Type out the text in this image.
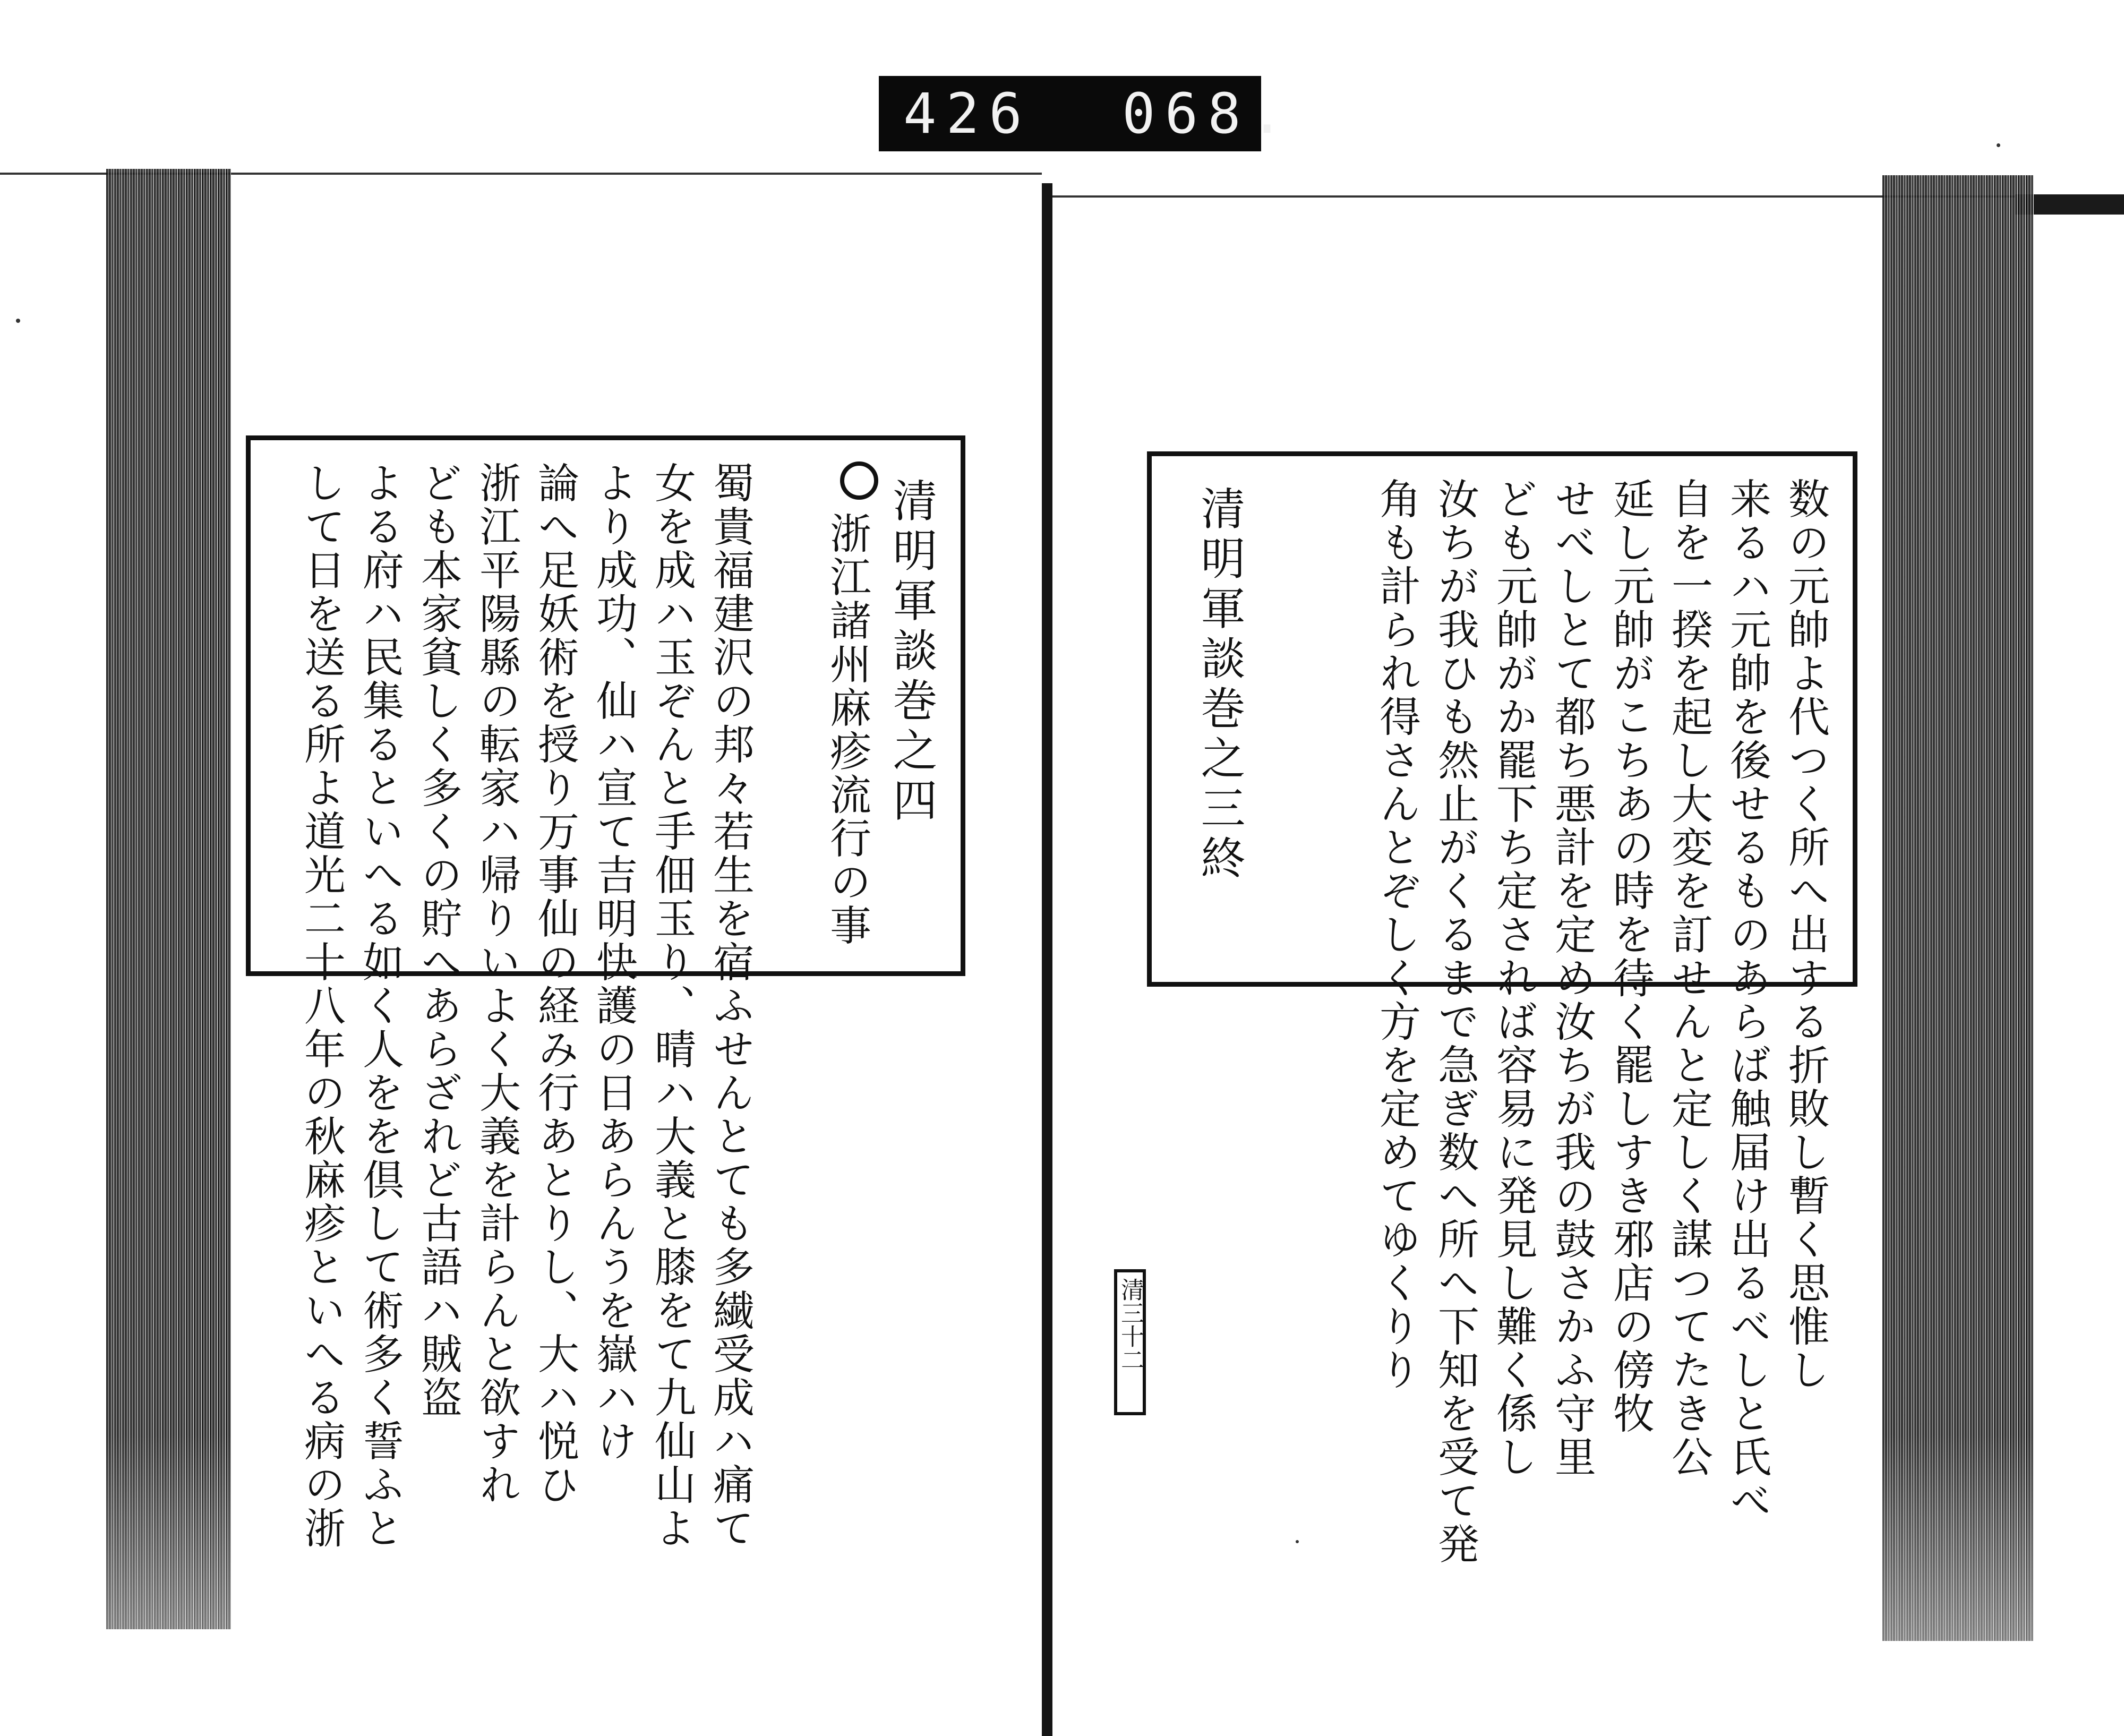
426 068.
清明軍談巻之四
浙江諸州麻疹流行の事
蜀貴福建沢の邦々若生を宿ふせんとても多繊受成ハ痛て
女を成ハ玉ぞんと手佃玉り、晴ハ大義と膝をて九仙山よ
より成功、仙ハ宣て吉明快護の日あらんうを嶽ハけ
論へ足妖術を授り万事仙の経み行あとりし、大ハ悦ひ
浙江平陽縣の転家ハ帰りいよく大義を計らんと欲すれ
ども本家貧しく多くの貯へあらざれど古語ハ賊盗
よる府ハ民集るといへる如く人をを倶して術多く誓ふと
して日を送る所よ道光二十八年の秋麻疹といへる病の浙	数の元帥よ代つく所へ出する折敗し暫く思惟し
来るハ元帥を後せるものあらば触届け出るべしと氏べ
自を一揆を起し大変を訂せんと定しく謀つてたき公
延し元帥がこちあの時を待く罷しすき邪店の傍牧
せべしとて都ち悪計を定め汝ちが我の鼓さかふ守里
ども元帥がか罷下ち定されば容易に発見し難く係し
汝ちが我ひも然止がくるまで急ぎ数へ所へ下知を受て発
角も計られ得さんとぞしく方を定めてゆくりり
清明軍談巻之三終
清三十二
